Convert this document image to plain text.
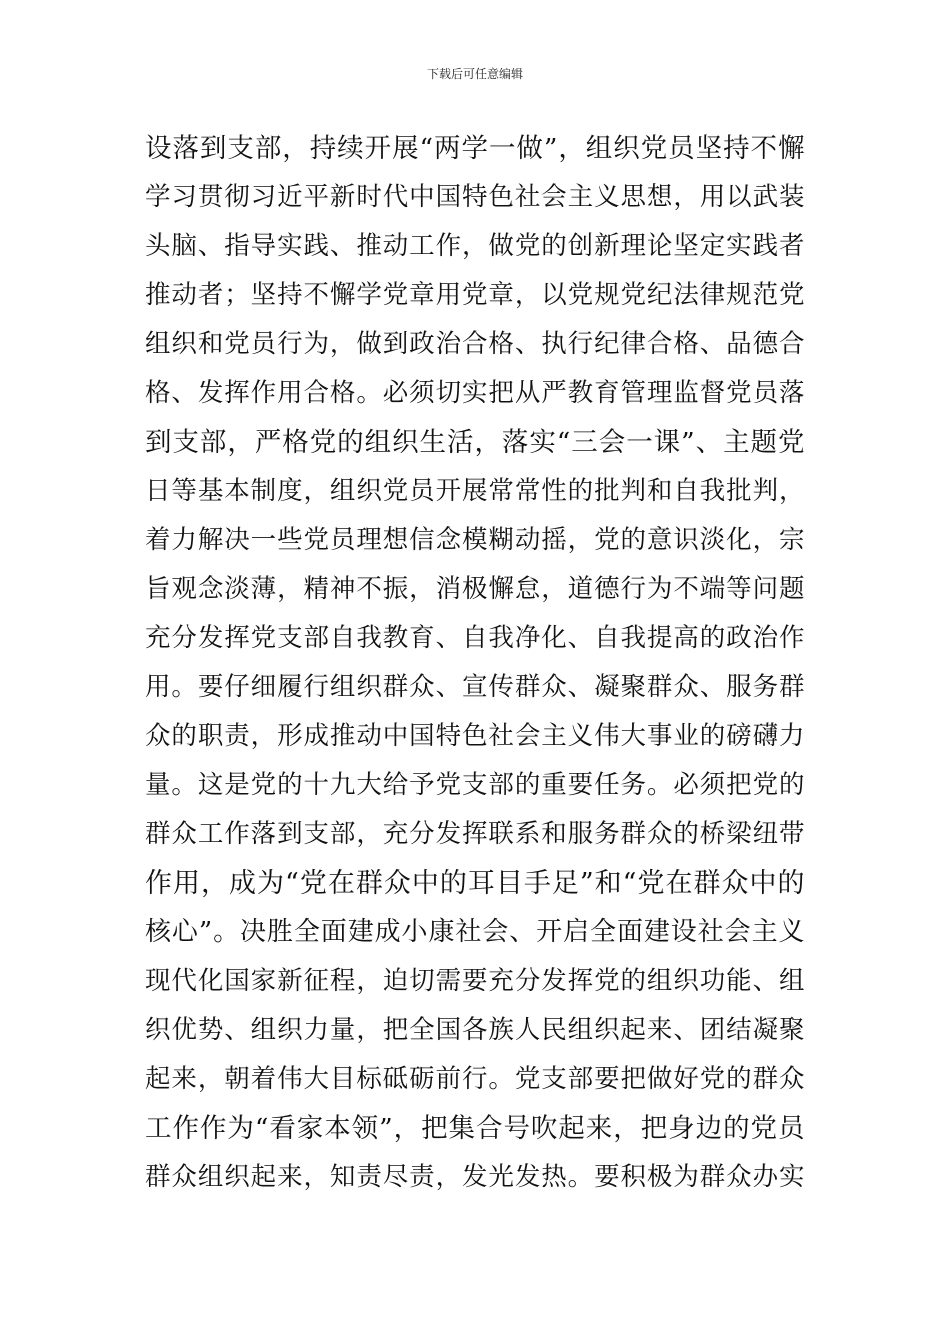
下载后可任意编辑
设落到支部，持续开展“两学一做”，组织党员坚持不懈
学习贯彻习近平新时代中国特色社会主义思想，用以武装
头脑、指导实践、推动工作，做党的创新理论坚定实践者
推动者；坚持不懈学党章用党章，以党规党纪法律规范党
组织和党员行为，做到政治合格、执行纪律合格、品德合
格、发挥作用合格。必须切实把从严教育管理监督党员落
到支部，严格党的组织生活，落实“三会一课”、主题党
日等基本制度，组织党员开展常常性的批判和自我批判，
着力解决一些党员理想信念模糊动摇，党的意识淡化，宗
旨观念淡薄，精神不振，消极懈怠，道德行为不端等问题
充分发挥党支部自我教育、自我净化、自我提高的政治作
用。要仔细履行组织群众、宣传群众、凝聚群众、服务群
众的职责，形成推动中国特色社会主义伟大事业的磅礴力
量。这是党的十九大给予党支部的重要任务。必须把党的
群众工作落到支部，充分发挥联系和服务群众的桥梁纽带
作用，成为“党在群众中的耳目手足”和“党在群众中的
核心”。决胜全面建成小康社会、开启全面建设社会主义
现代化国家新征程，迫切需要充分发挥党的组织功能、组
织优势、组织力量，把全国各族人民组织起来、团结凝聚
起来，朝着伟大目标砥砺前行。党支部要把做好党的群众
工作作为“看家本领”，把集合号吹起来，把身边的党员
群众组织起来，知责尽责，发光发热。要积极为群众办实
